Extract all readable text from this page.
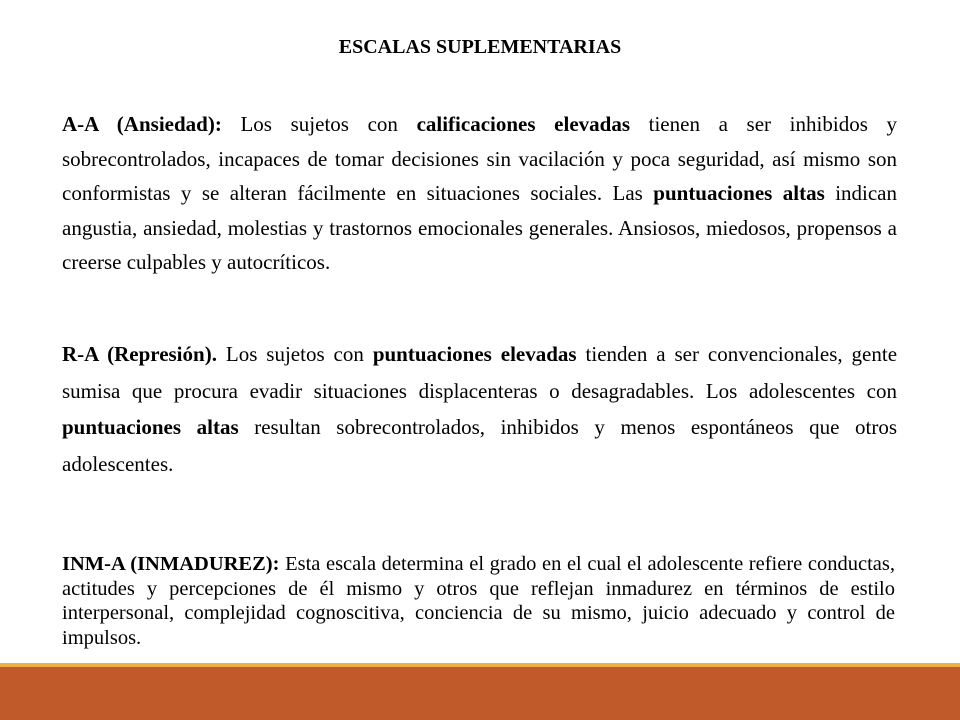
ESCALAS SUPLEMENTARIAS
A-A (Ansiedad): Los sujetos con calificaciones elevadas tienen a ser inhibidos y sobrecontrolados, incapaces de tomar decisiones sin vacilación y poca seguridad, así mismo son conformistas y se alteran fácilmente en situaciones sociales. Las puntuaciones altas indican angustia, ansiedad, molestias y trastornos emocionales generales. Ansiosos, miedosos, propensos a creerse culpables y autocríticos.
R-A (Represión). Los sujetos con puntuaciones elevadas tienden a ser convencionales, gente sumisa que procura evadir situaciones displacenteras o desagradables. Los adolescentes con puntuaciones altas resultan sobrecontrolados, inhibidos y menos espontáneos que otros adolescentes.
INM-A (INMADUREZ): Esta escala determina el grado en el cual el adolescente refiere conductas, actitudes y percepciones de él mismo y otros que reflejan inmadurez en términos de estilo interpersonal, complejidad cognoscitiva, conciencia de su mismo, juicio adecuado y control de impulsos.
